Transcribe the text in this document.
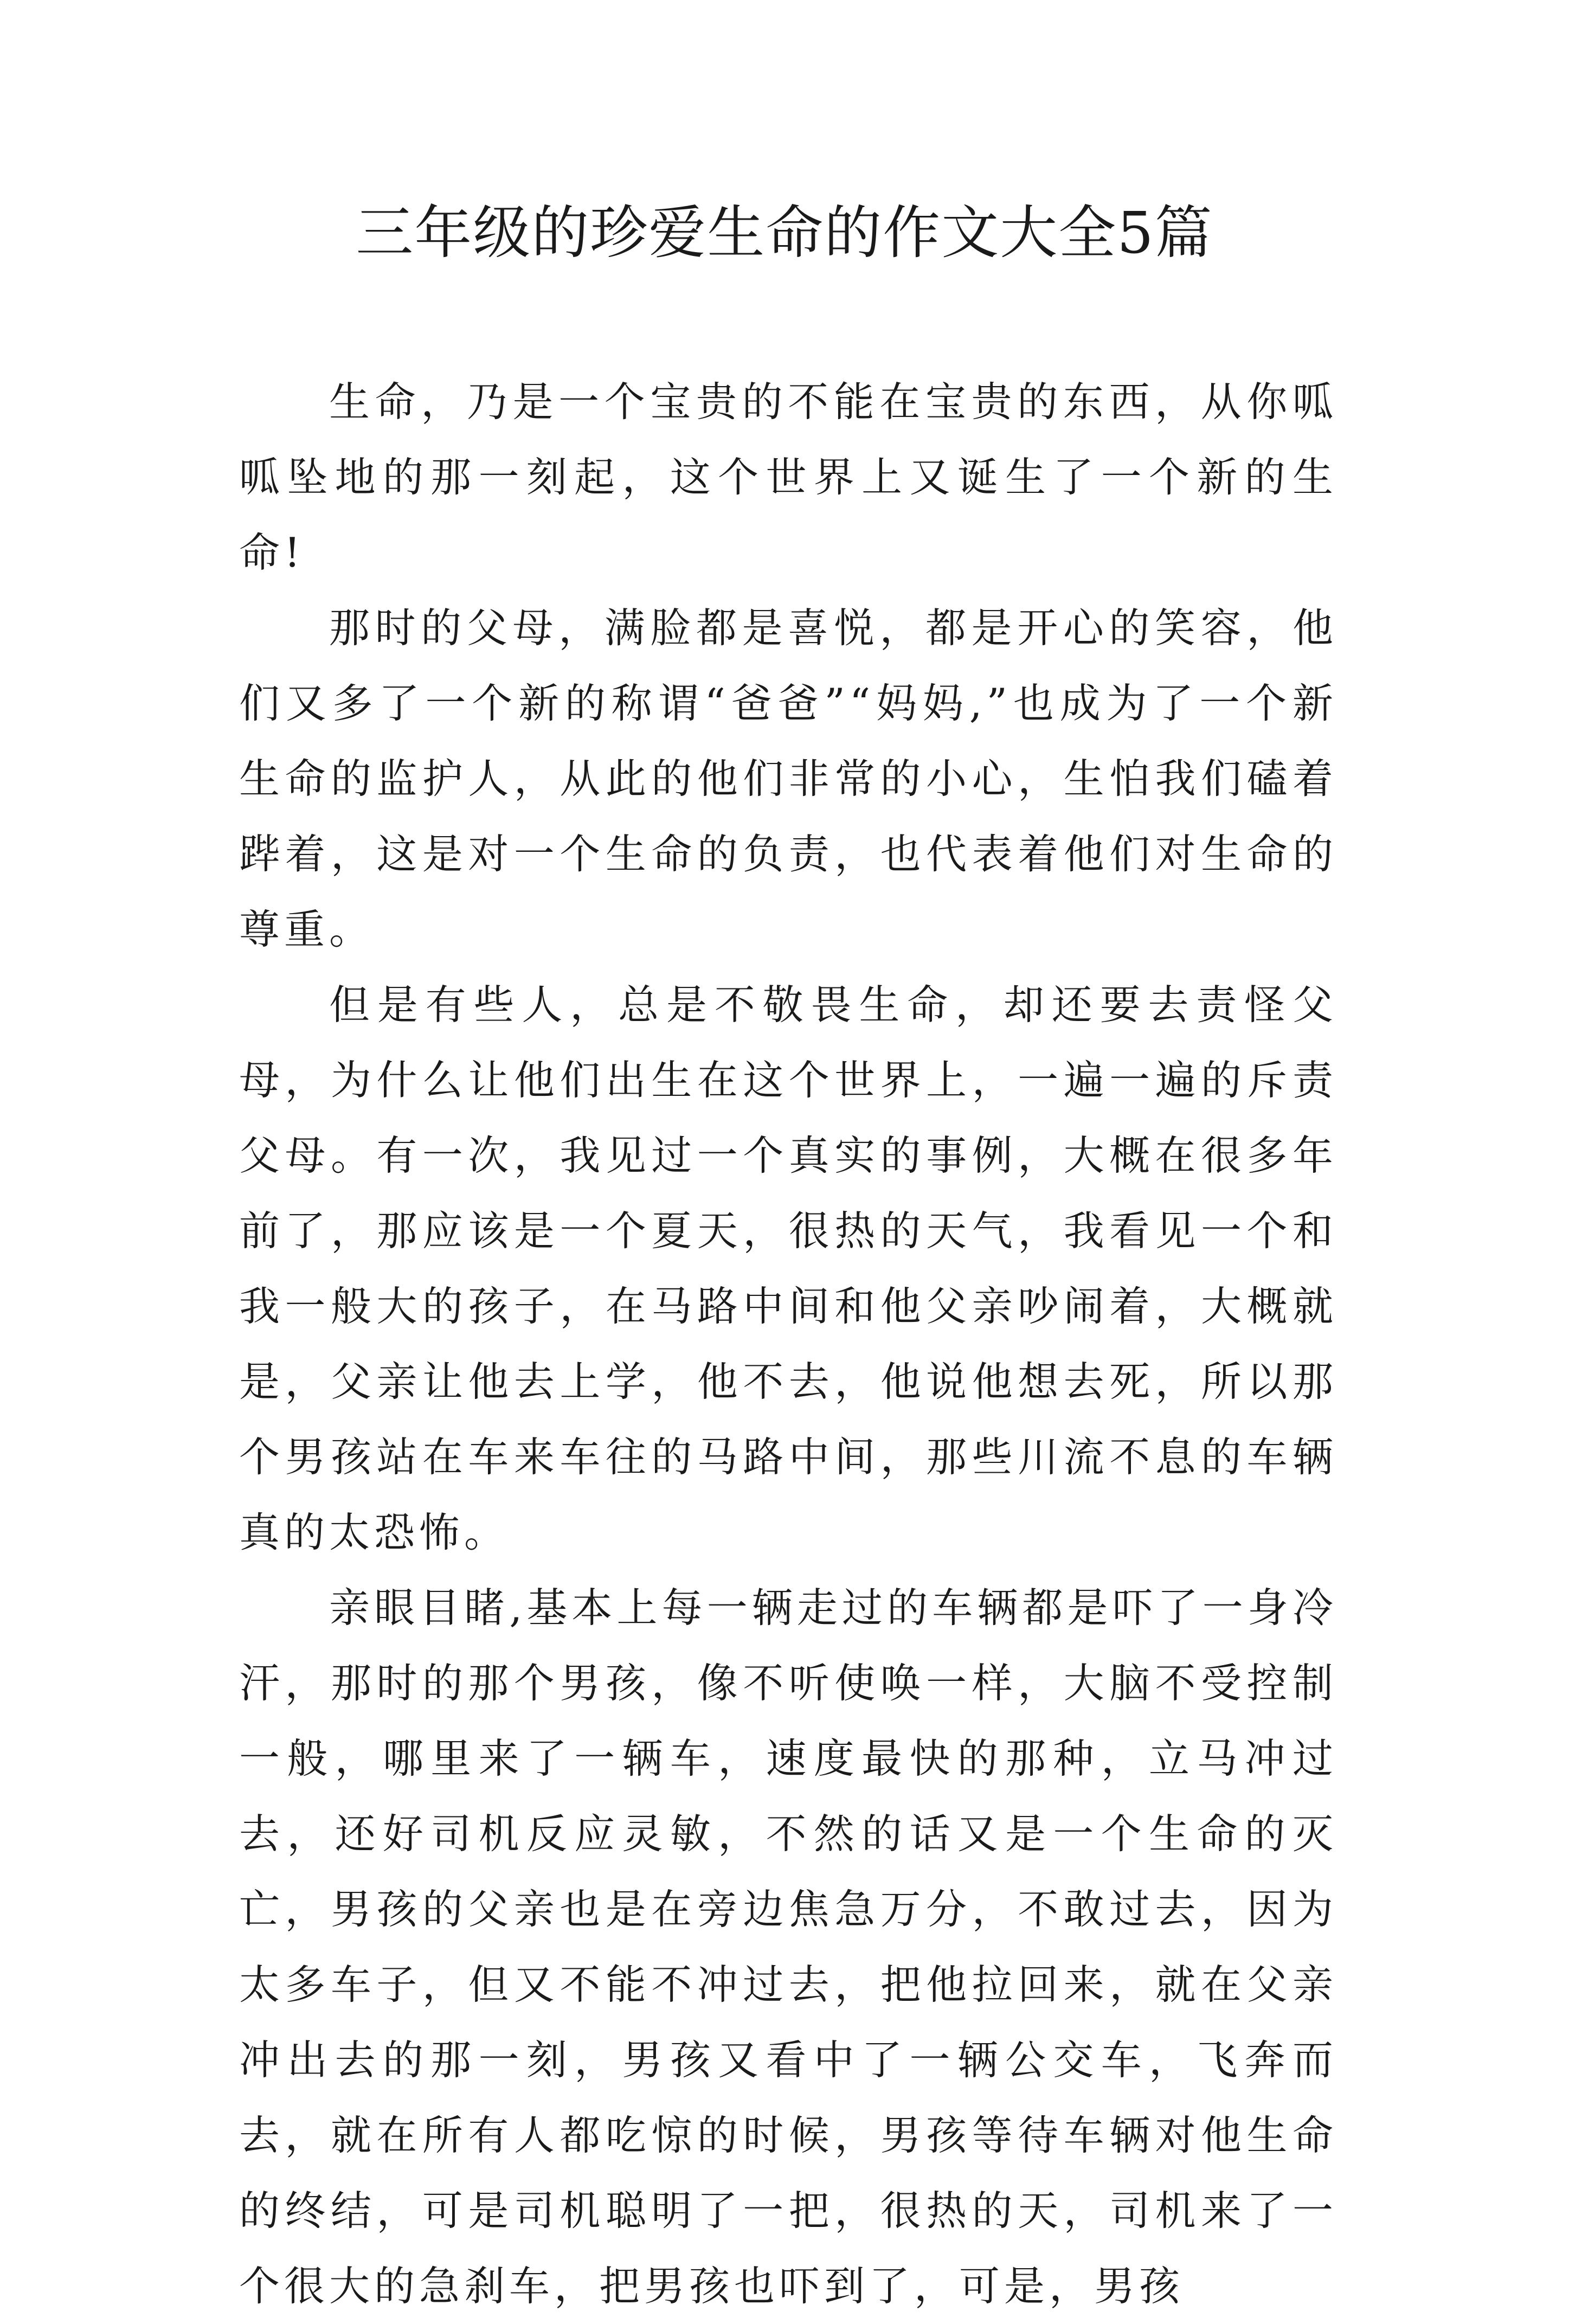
三年级的珍爱生命的作文大全5篇

生命，乃是一个宝贵的不能在宝贵的东西，从你呱呱坠地的那一刻起，这个世界上又诞生了一个新的生命!

那时的父母，满脸都是喜悦，都是开心的笑容，他们又多了一个新的称谓“爸爸”“妈妈,”也成为了一个新生命的监护人，从此的他们非常的小心，生怕我们磕着跸着，这是对一个生命的负责，也代表着他们对生命的尊重。

但是有些人，总是不敬畏生命，却还要去责怪父母，为什么让他们出生在这个世界上，一遍一遍的斥责父母。有一次，我见过一个真实的事例，大概在很多年前了，那应该是一个夏天，很热的天气，我看见一个和我一般大的孩子，在马路中间和他父亲吵闹着，大概就是，父亲让他去上学，他不去，他说他想去死，所以那个男孩站在车来车往的马路中间，那些川流不息的车辆真的太恐怖。

亲眼目睹,基本上每一辆走过的车辆都是吓了一身冷汗，那时的那个男孩，像不听使唤一样，大脑不受控制一般，哪里来了一辆车，速度最快的那种，立马冲过去，还好司机反应灵敏，不然的话又是一个生命的灭亡，男孩的父亲也是在旁边焦急万分，不敢过去，因为太多车子，但又不能不冲过去，把他拉回来，就在父亲冲出去的那一刻，男孩又看中了一辆公交车，飞奔而去，就在所有人都吃惊的时候，男孩等待车辆对他生命的终结，可是司机聪明了一把，很热的天，司机来了一个很大的急刹车，把男孩也吓到了，可是，男孩
